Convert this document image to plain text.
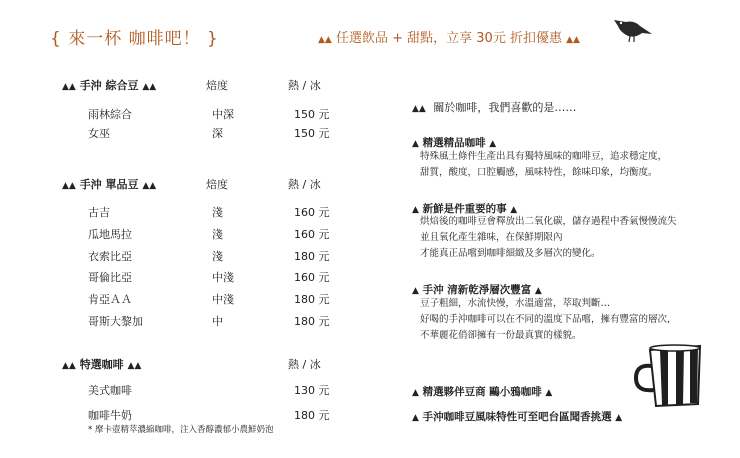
{ 來一杯 咖啡吧！ }	▲▲ 任選飲品 + 甜點，立享 30元 折扣優惠 ▲▲
▲▲ 手沖 綜合豆 ▲▲	焙度	熱 / 冰
雨林綜合	中深	150 元
女巫	深	150 元
▲▲ 手沖 單品豆 ▲▲	焙度	熱 / 冰
古吉	淺	160 元
瓜地馬拉	淺	160 元
衣索比亞	淺	180 元
哥倫比亞	中淺	160 元
肯亞ＡＡ	中淺	180 元
哥斯大黎加	中	180 元
▲▲ 特選咖啡 ▲▲	熱 / 冰
美式咖啡	130 元
咖啡牛奶	180 元
* 摩卡壺精萃濃縮咖啡，注入香醇濃郁小農鮮奶泡
▲▲ 關於咖啡，我們喜歡的是……
▲ 精選精品咖啡 ▲
特殊風土條件生產出具有獨特風味的咖啡豆，追求穩定度，
甜質，酸度，口腔觸感，風味特性，餘味印象，均衡度。
▲ 新鮮是件重要的事 ▲
烘焙後的咖啡豆會釋放出二氧化碳，儲存過程中香氣慢慢流失
並且氧化產生雜味，在保鮮期限內
才能真正品嚐到咖啡細緻及多層次的變化。
▲ 手沖 清新乾淨層次豐富 ▲
豆子粗細，水流快慢，水溫適當，萃取判斷…
好喝的手沖咖啡可以在不同的溫度下品嚐，擁有豐富的層次，
不華麗花俏卻擁有一份最真實的樣貌。
▲ 精選夥伴豆商 鷗小鴉咖啡 ▲
▲ 手沖咖啡豆風味特性可至吧台區聞香挑選 ▲
